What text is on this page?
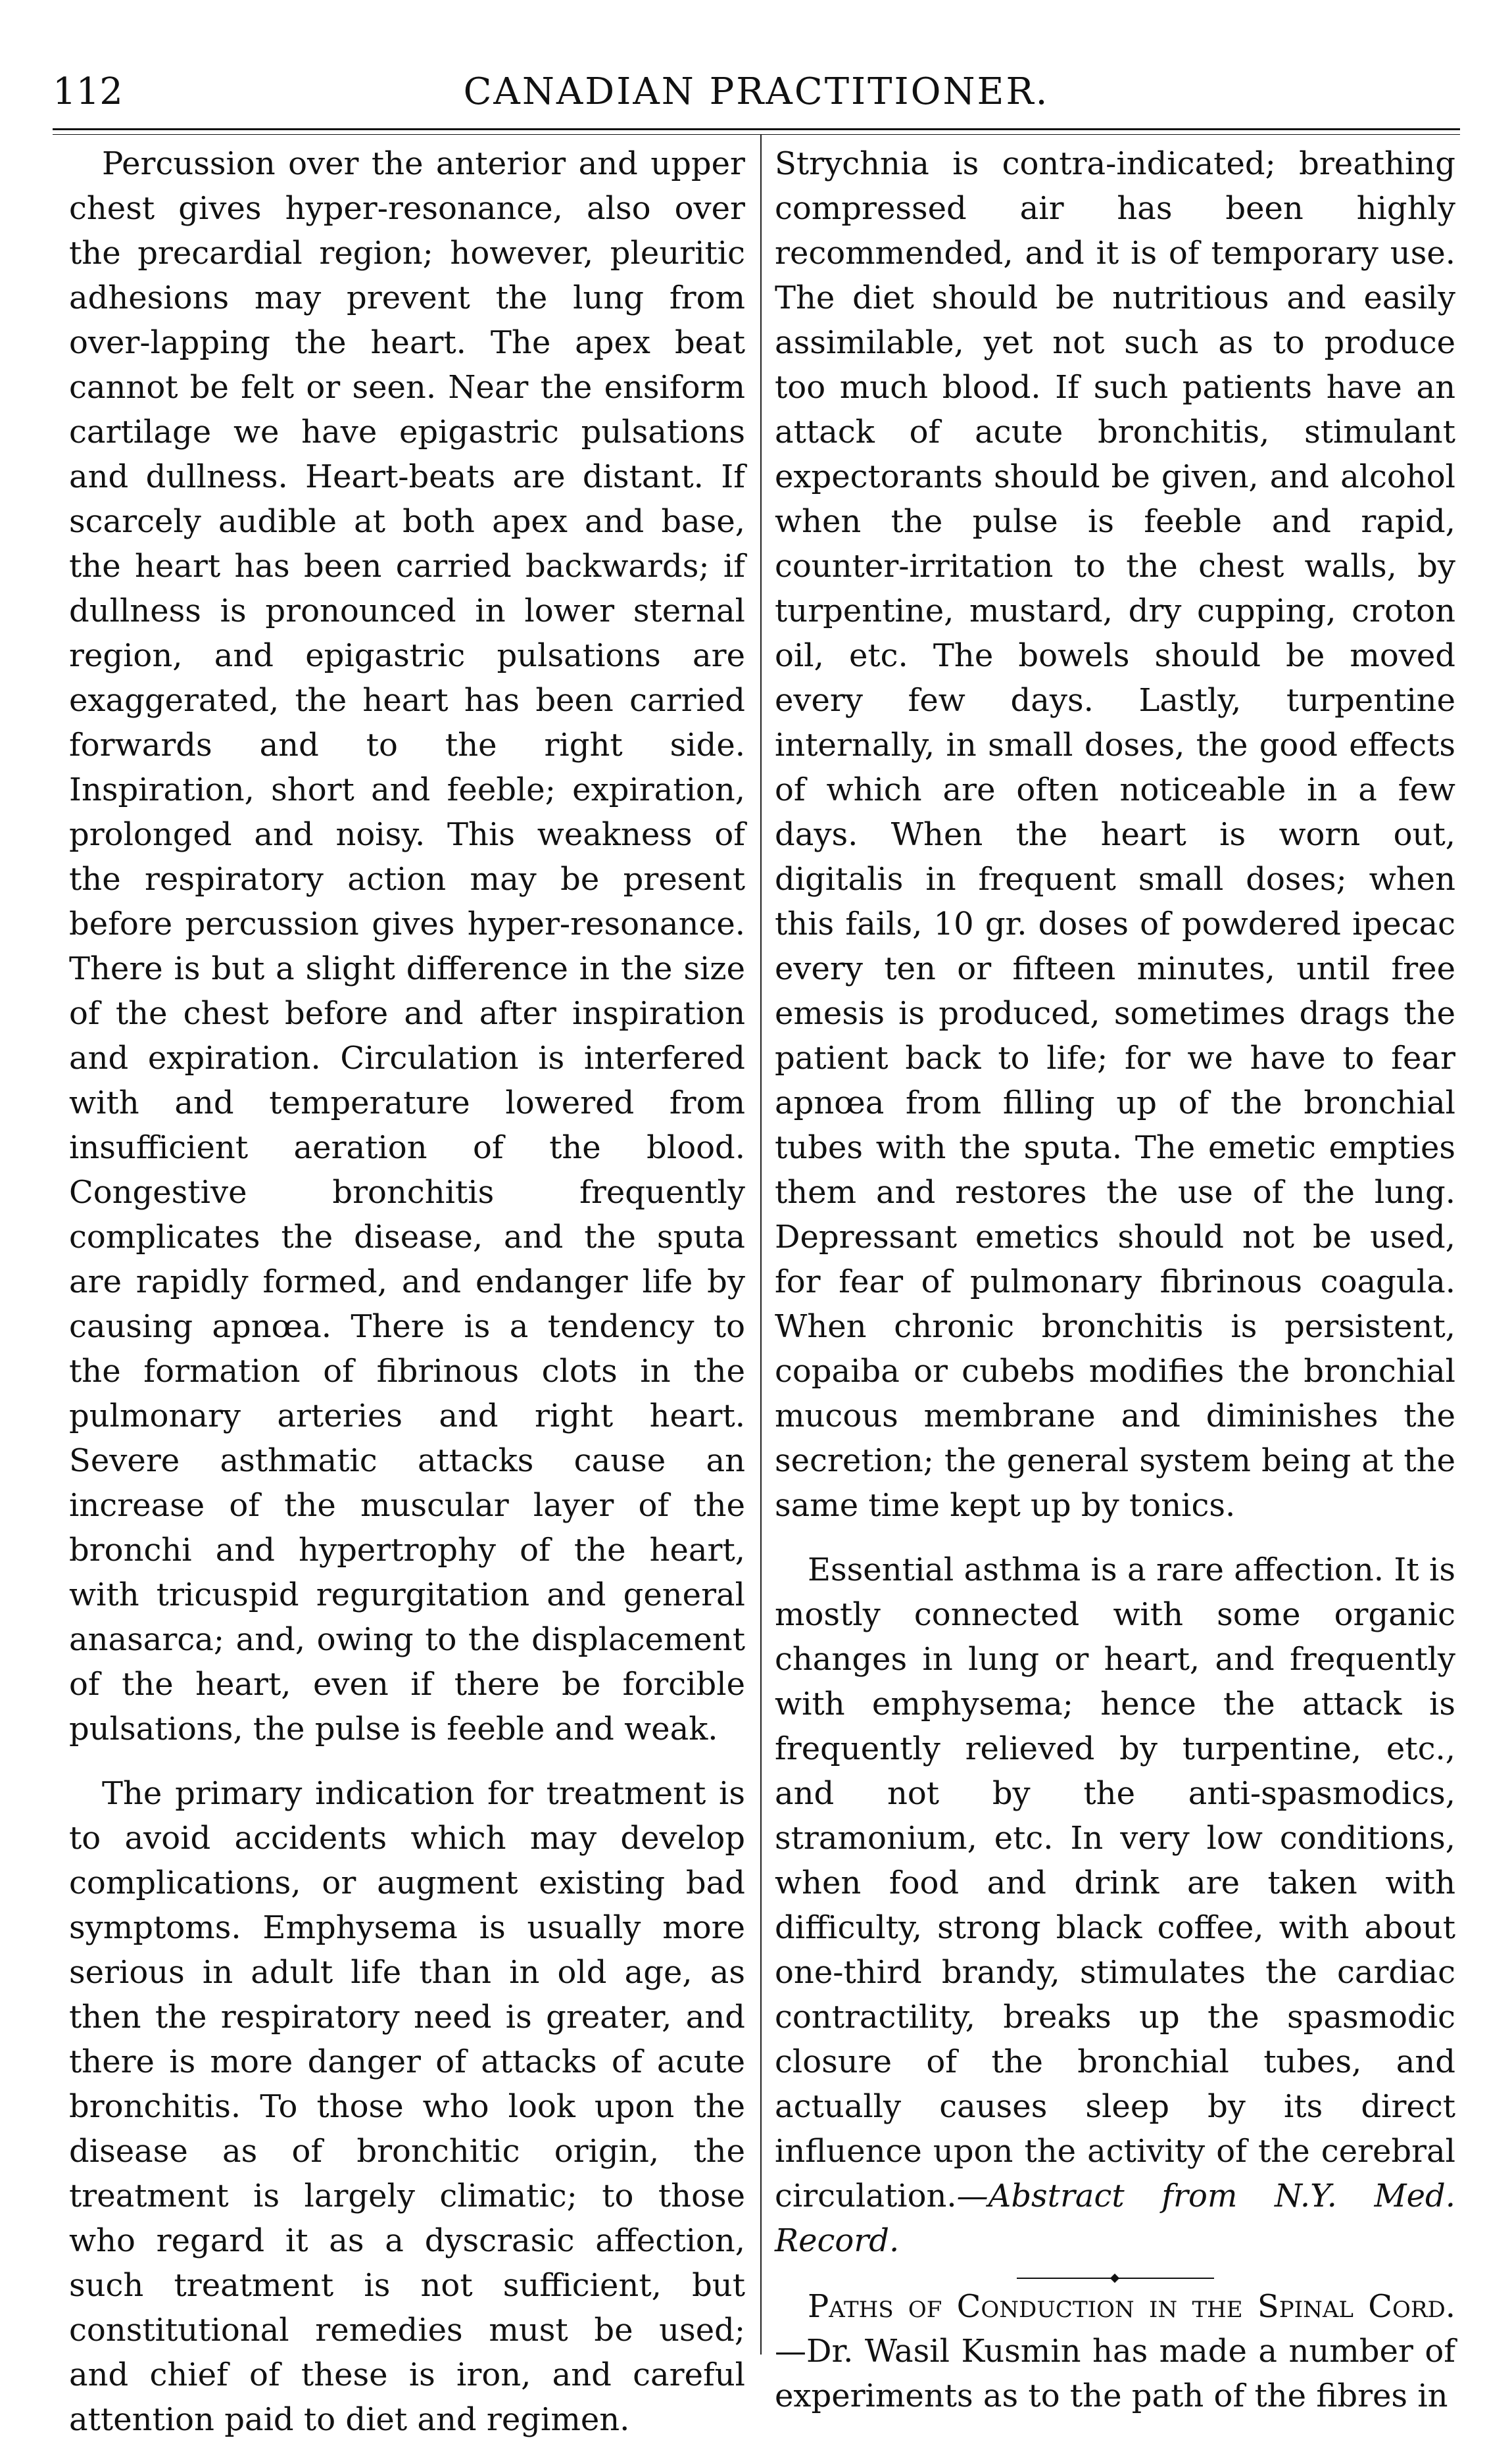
112	CANADIAN PRACTITIONER.

Percussion over the anterior and upper chest gives hyper-resonance, also over the precardial region; however, pleuritic adhesions may prevent the lung from over-lapping the heart. The apex beat cannot be felt or seen. Near the ensiform cartilage we have epigastric pulsations and dullness. Heart-beats are distant. If scarcely audible at both apex and base, the heart has been carried backwards; if dullness is pronounced in lower sternal region, and epigastric pulsations are exaggerated, the heart has been carried forwards and to the right side. Inspiration, short and feeble; expiration, prolonged and noisy. This weakness of the respiratory action may be present before percussion gives hyper-resonance. There is but a slight difference in the size of the chest before and after inspiration and expiration. Circulation is interfered with and temperature lowered from insufficient aeration of the blood. Congestive bronchitis frequently complicates the disease, and the sputa are rapidly formed, and endanger life by causing apnœa. There is a tendency to the formation of fibrinous clots in the pulmonary arteries and right heart. Severe asthmatic attacks cause an increase of the muscular layer of the bronchi and hypertrophy of the heart, with tricuspid regurgitation and general anasarca; and, owing to the displacement of the heart, even if there be forcible pulsations, the pulse is feeble and weak.

The primary indication for treatment is to avoid accidents which may develop complications, or augment existing bad symptoms. Emphysema is usually more serious in adult life than in old age, as then the respiratory need is greater, and there is more danger of attacks of acute bronchitis. To those who look upon the disease as of bronchitic origin, the treatment is largely climatic; to those who regard it as a dyscrasic affection, such treatment is not sufficient, but constitutional remedies must be used; and chief of these is iron, and careful attention paid to diet and regimen.

Strychnia is contra-indicated; breathing compressed air has been highly recommended, and it is of temporary use. The diet should be nutritious and easily assimilable, yet not such as to produce too much blood. If such patients have an attack of acute bronchitis, stimulant expectorants should be given, and alcohol when the pulse is feeble and rapid, counter-irritation to the chest walls, by turpentine, mustard, dry cupping, croton oil, etc. The bowels should be moved every few days. Lastly, turpentine internally, in small doses, the good effects of which are often noticeable in a few days. When the heart is worn out, digitalis in frequent small doses; when this fails, 10 gr. doses of powdered ipecac every ten or fifteen minutes, until free emesis is produced, sometimes drags the patient back to life; for we have to fear apnœa from filling up of the bronchial tubes with the sputa. The emetic empties them and restores the use of the lung. Depressant emetics should not be used, for fear of pulmonary fibrinous coagula. When chronic bronchitis is persistent, copaiba or cubebs modifies the bronchial mucous membrane and diminishes the secretion; the general system being at the same time kept up by tonics.

Essential asthma is a rare affection. It is mostly connected with some organic changes in lung or heart, and frequently with emphysema; hence the attack is frequently relieved by turpentine, etc., and not by the anti-spasmodics, stramonium, etc. In very low conditions, when food and drink are taken with difficulty, strong black coffee, with about one-third brandy, stimulates the cardiac contractility, breaks up the spasmodic closure of the bronchial tubes, and actually causes sleep by its direct influence upon the activity of the cerebral circulation.—Abstract from N.Y. Med. Record.

Paths of Conduction in the Spinal Cord.—Dr. Wasil Kusmin has made a number of experiments as to the path of the fibres in
